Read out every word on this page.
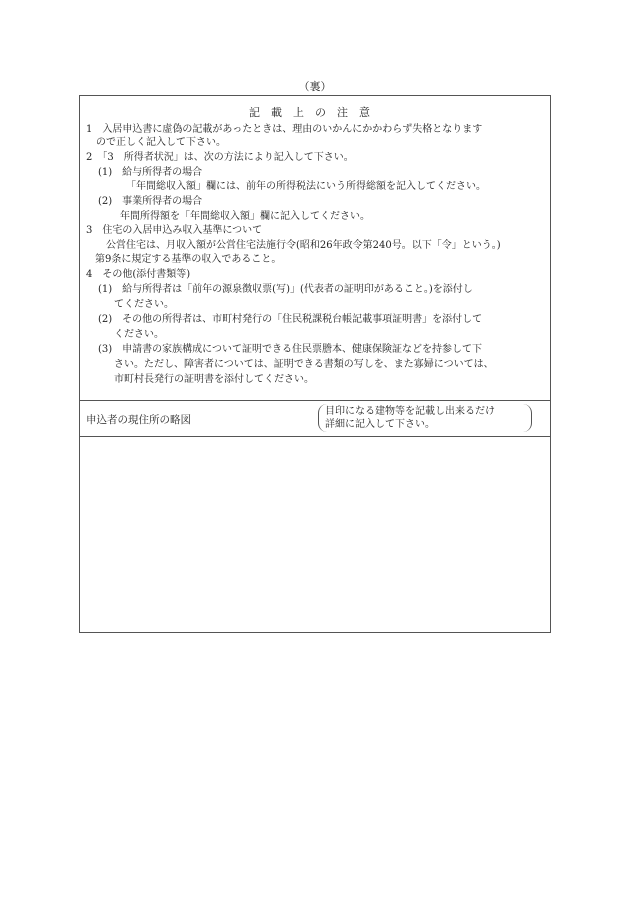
（裏）
記載上の注意
1　入居申込書に虚偽の記載があったときは、理由のいかんにかかわらず失格となります
　ので正しく記入して下さい。
2　「3　所得者状況」は、次の方法により記入して下さい。
(1)　給与所得者の場合
「年間総収入額」欄には、前年の所得税法にいう所得総額を記入してください。
(2)　事業所得者の場合
年間所得額を「年間総収入額」欄に記入してください。
3　住宅の入居申込み収入基準について
公営住宅は、月収入額が公営住宅法施行令(昭和26年政令第240号。以下「令」という。)
第9条に規定する基準の収入であること。
4　その他(添付書類等)
(1)　給与所得者は「前年の源泉徴収票(写)」(代表者の証明印があること。)を添付し
てください。
(2)　その他の所得者は、市町村発行の「住民税課税台帳記載事項証明書」を添付して
ください。
(3)　申請書の家族構成について証明できる住民票謄本、健康保険証などを持参して下
さい。ただし、障害者については、証明できる書類の写しを、また寡婦については、
市町村長発行の証明書を添付してください。
申込者の現住所の略図
目印になる建物等を記載し出来るだけ
詳細に記入して下さい。
